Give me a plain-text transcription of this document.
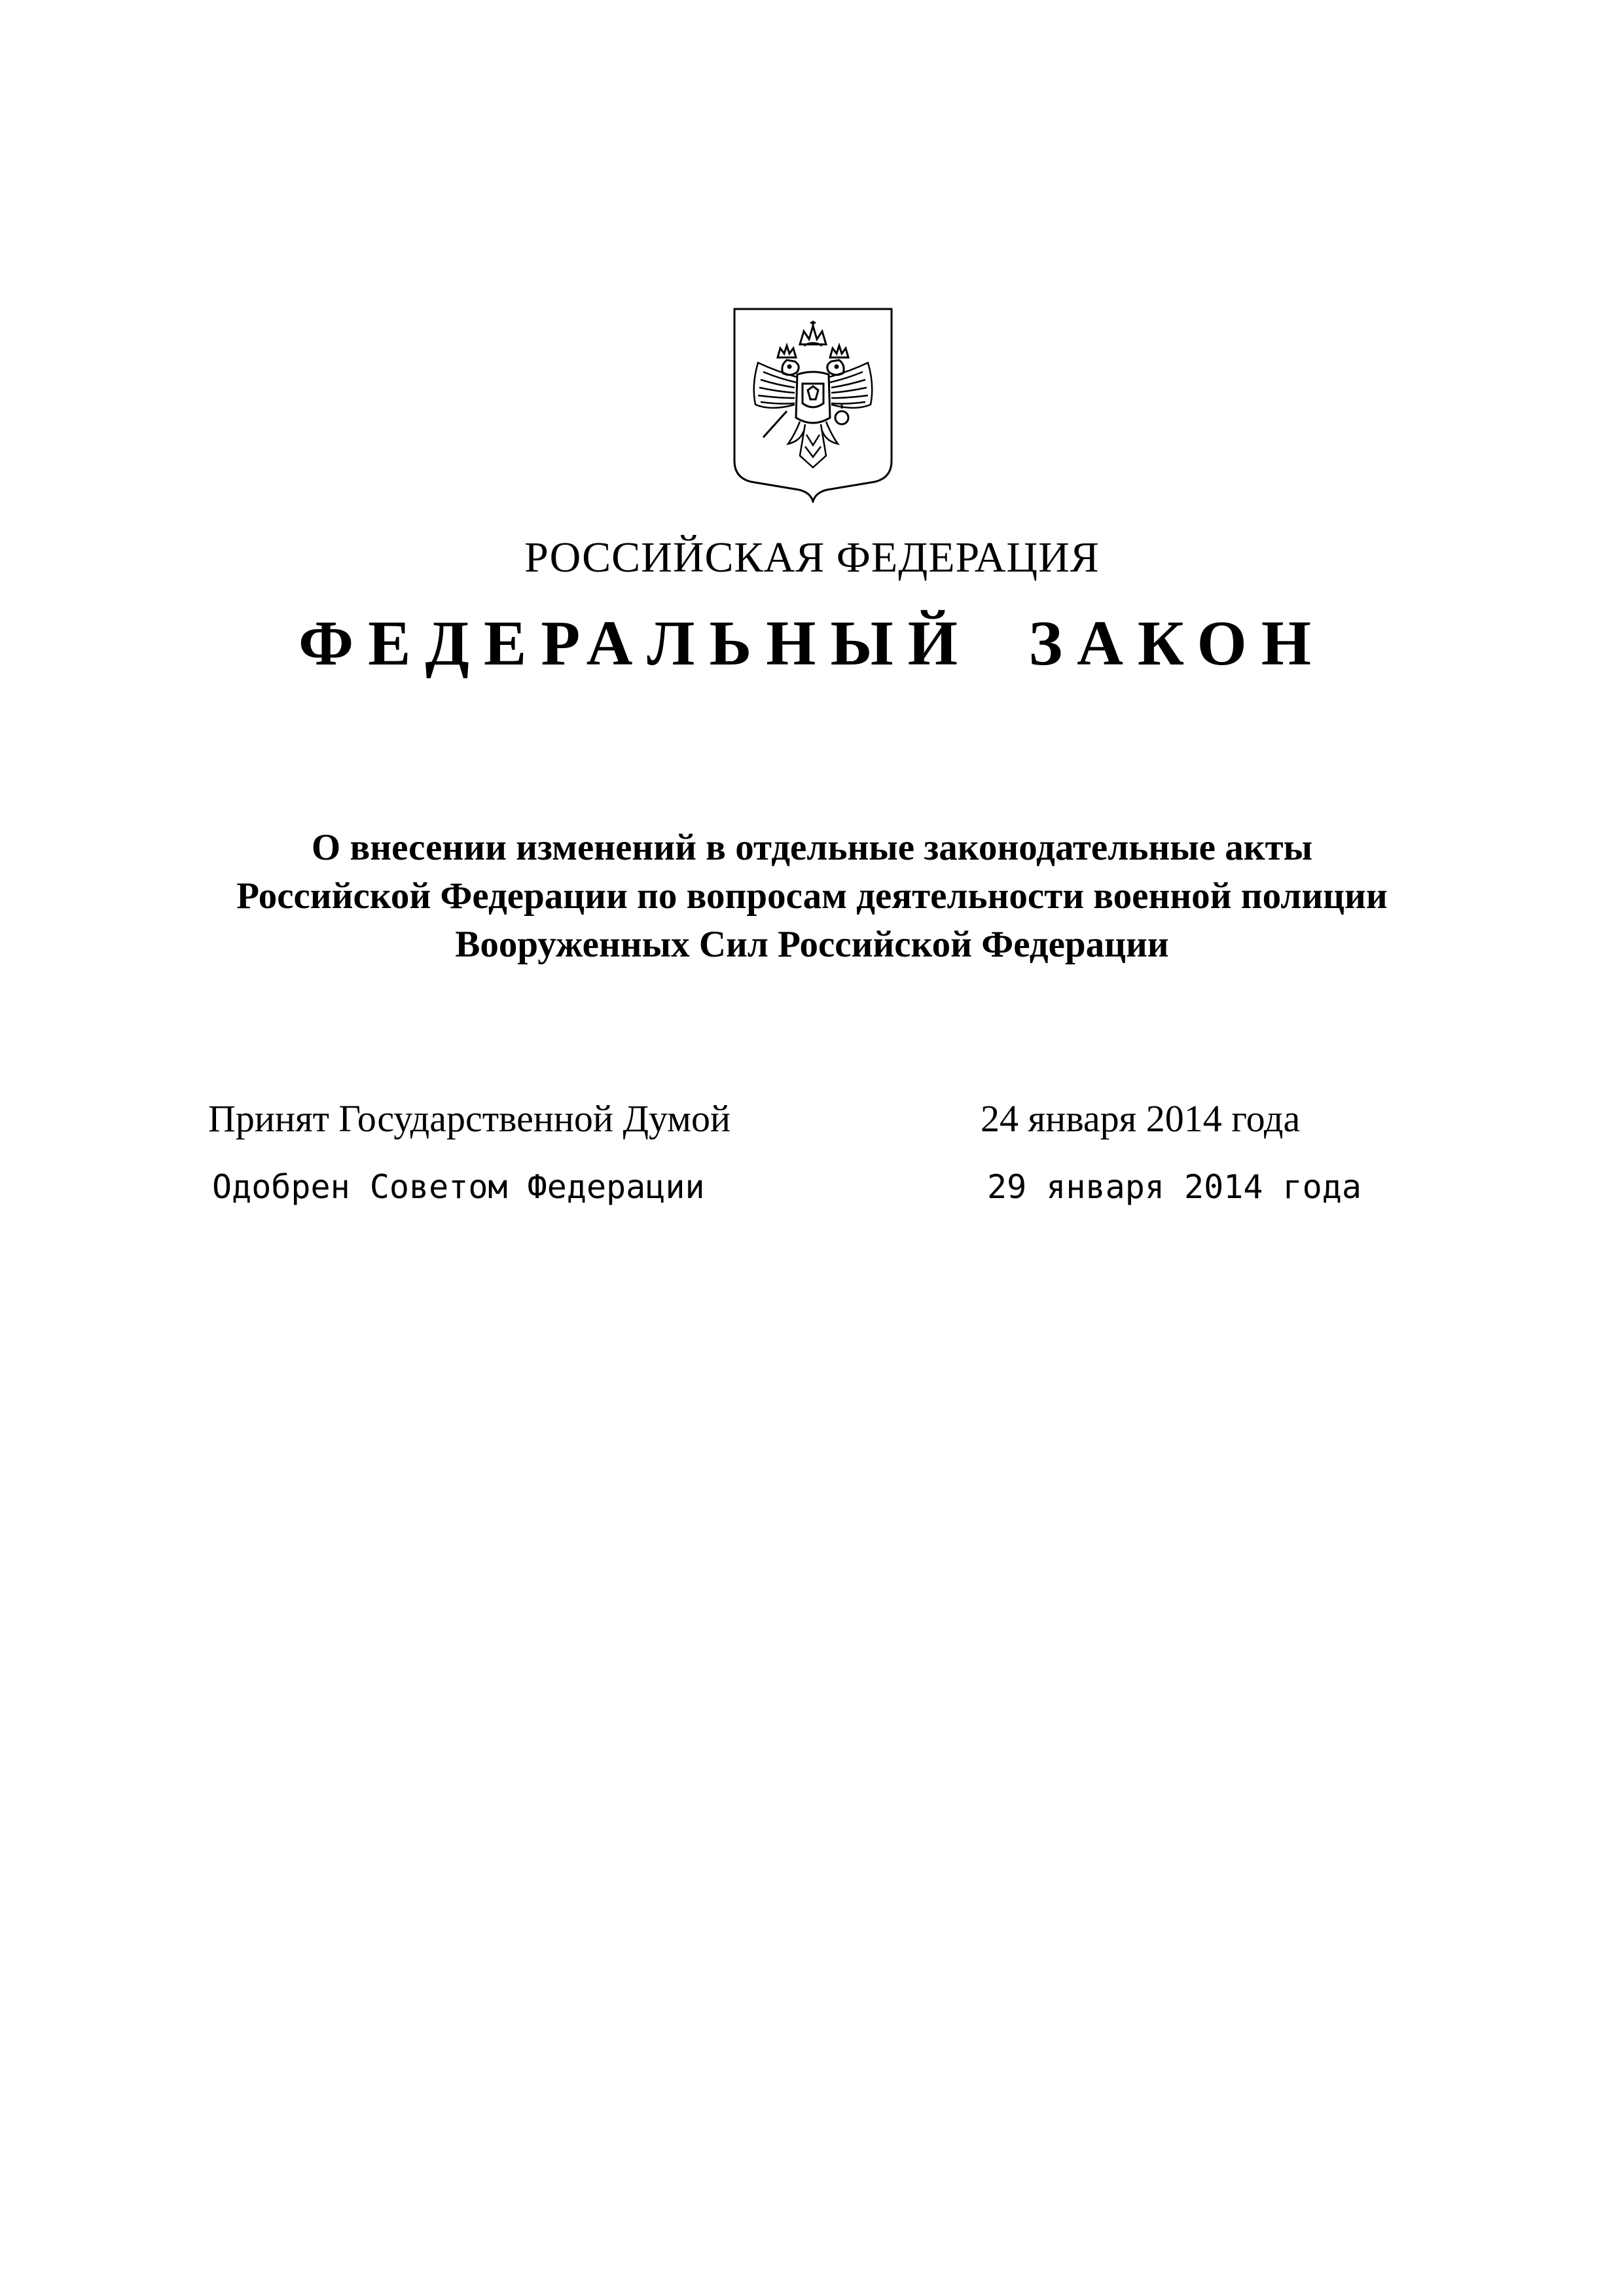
РОССИЙСКАЯ ФЕДЕРАЦИЯ
ФЕДЕРАЛЬНЫЙ ЗАКОН
О внесении изменений в отдельные законодательные акты
Российской Федерации по вопросам деятельности военной полиции
Вооруженных Сил Российской Федерации
Принят Государственной Думой	24 января 2014 года
Одобрен Советом Федерации	29 января 2014 года
